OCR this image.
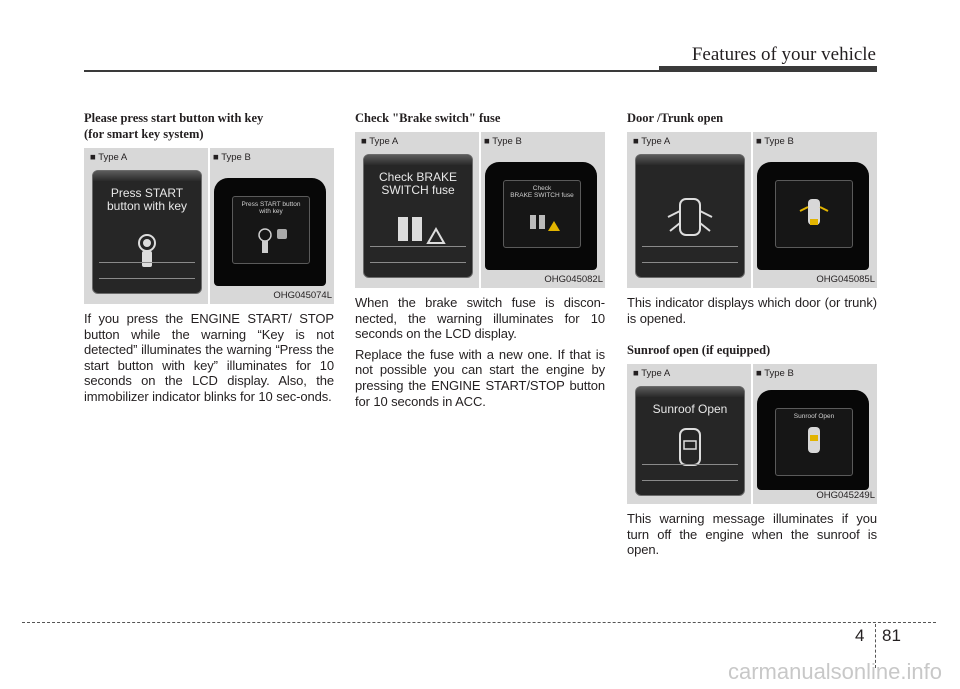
Features of your vehicle
Please press start button with key
(for smart key system)
■ Type A	■ Type B
Press START
button with key	Press START button
with key
OHG045074L

If you press the ENGINE START/ STOP button while the warning “Key is not detected” illuminates the warning “Press the start button with key” illuminates for 10 seconds on the LCD display. Also, the immobilizer indicator blinks for 10 sec-onds.

Check "Brake switch" fuse
■ Type A	■ Type B
Check BRAKE
SWITCH fuse	Check
BRAKE SWITCH fuse
OHG045082L

When the brake switch fuse is discon-nected, the warning illuminates for 10 seconds on the LCD display.

Replace the fuse with a new one. If that is not possible you can start the engine by pressing the ENGINE START/STOP button for 10 seconds in ACC.

Door /Trunk open
■ Type A	■ Type B
OHG045085L

This indicator displays which door (or trunk) is opened.

Sunroof open (if equipped)
■ Type A	■ Type B
Sunroof Open
Sunroof Open
OHG045249L

This warning message illuminates if you turn off the engine when the sunroof is open.

4 81
carmanualsonline.info
